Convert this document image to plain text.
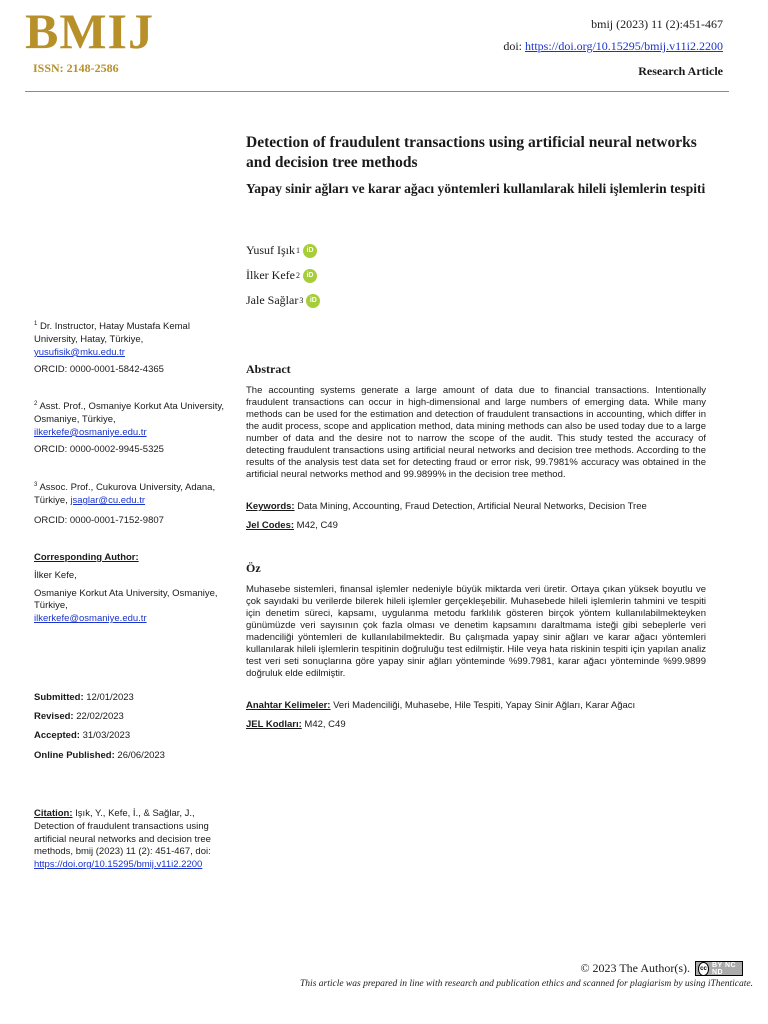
BMIJ
ISSN: 2148-2586
bmij (2023) 11 (2):451-467
doi: https://doi.org/10.15295/bmij.v11i2.2200
Research Article
Detection of fraudulent transactions using artificial neural networks and decision tree methods
Yapay sinir ağları ve karar ağacı yöntemleri kullanılarak hileli işlemlerin tespiti
Yusuf Işık 1 iD
İlker Kefe 2 iD
Jale Sağlar 3 iD
$^1$ Dr. Instructor, Hatay Mustafa Kemal University, Hatay, Türkiye,
yusufisik@mku.edu.tr
ORCID: 0000-0001-5842-4365
$^2$ Asst. Prof., Osmaniye Korkut Ata University, Osmaniye, Türkiye,
ilkerkefe@osmaniye.edu.tr
ORCID: 0000-0002-9945-5325
$^3$ Assoc. Prof., Cukurova University, Adana, Türkiye, jsaglar@cu.edu.tr
ORCID: 0000-0001-7152-9807
Corresponding Author:
İlker Kefe,
Osmaniye Korkut Ata University, Osmaniye, Türkiye,
ilkerkefe@osmaniye.edu.tr
Submitted: 12/01/2023
Revised: 22/02/2023
Accepted: 31/03/2023
Online Published: 26/06/2023
Citation: Işık, Y., Kefe, İ., & Sağlar, J., Detection of fraudulent transactions using artificial neural networks and decision tree methods, bmij (2023) 11 (2): 451-467, doi:
https://doi.org/10.15295/bmij.v11i2.2200
Abstract
The accounting systems generate a large amount of data due to financial transactions. Intentionally fraudulent transactions can occur in high-dimensional and large numbers of emerging data. While many methods can be used for the estimation and detection of fraudulent transactions in accounting, which differ in the audit process, scope and application method, data mining methods can also be used today due to a large number of data and the desire not to narrow the scope of the audit. This study tested the accuracy of detecting fraudulent transactions using artificial neural networks and decision tree methods. According to the results of the analysis test data set for detecting fraud or error risk, 99.7981% accuracy was obtained in the artificial neural networks method and 99.9899% in the decision tree method.
Keywords: Data Mining, Accounting, Fraud Detection, Artificial Neural Networks, Decision Tree
Jel Codes: M42, C49
Öz
Muhasebe sistemleri, finansal işlemler nedeniyle büyük miktarda veri üretir. Ortaya çıkan yüksek boyutlu ve çok sayıdaki bu verilerde bilerek hileli işlemler gerçekleşebilir. Muhasebede hileli işlemlerin tahmini ve tespiti için denetim süreci, kapsamı, uygulanma metodu farklılık gösteren birçok yöntem kullanılabilmekteyken günümüzde veri sayısının çok fazla olması ve denetim kapsamını daraltmama isteği gibi sebeplerle veri madenciliği yöntemleri de kullanılabilmektedir. Bu çalışmada yapay sinir ağları ve karar ağacı yöntemleri kullanılarak hileli işlemlerin tespitinin doğruluğu test edilmiştir. Hile veya hata riskinin tespiti için yapılan analiz test veri seti sonuçlarına göre yapay sinir ağları yönteminde %99.7981, karar ağacı yönteminde %99.9899 doğruluk elde edilmiştir.
Anahtar Kelimeler: Veri Madenciliği, Muhasebe, Hile Tespiti, Yapay Sinir Ağları, Karar Ağacı
JEL Kodları: M42, C49
© 2023 The Author(s).	cc BY NC ND
This article was prepared in line with research and publication ethics and scanned for plagiarism by using iThenticate.
